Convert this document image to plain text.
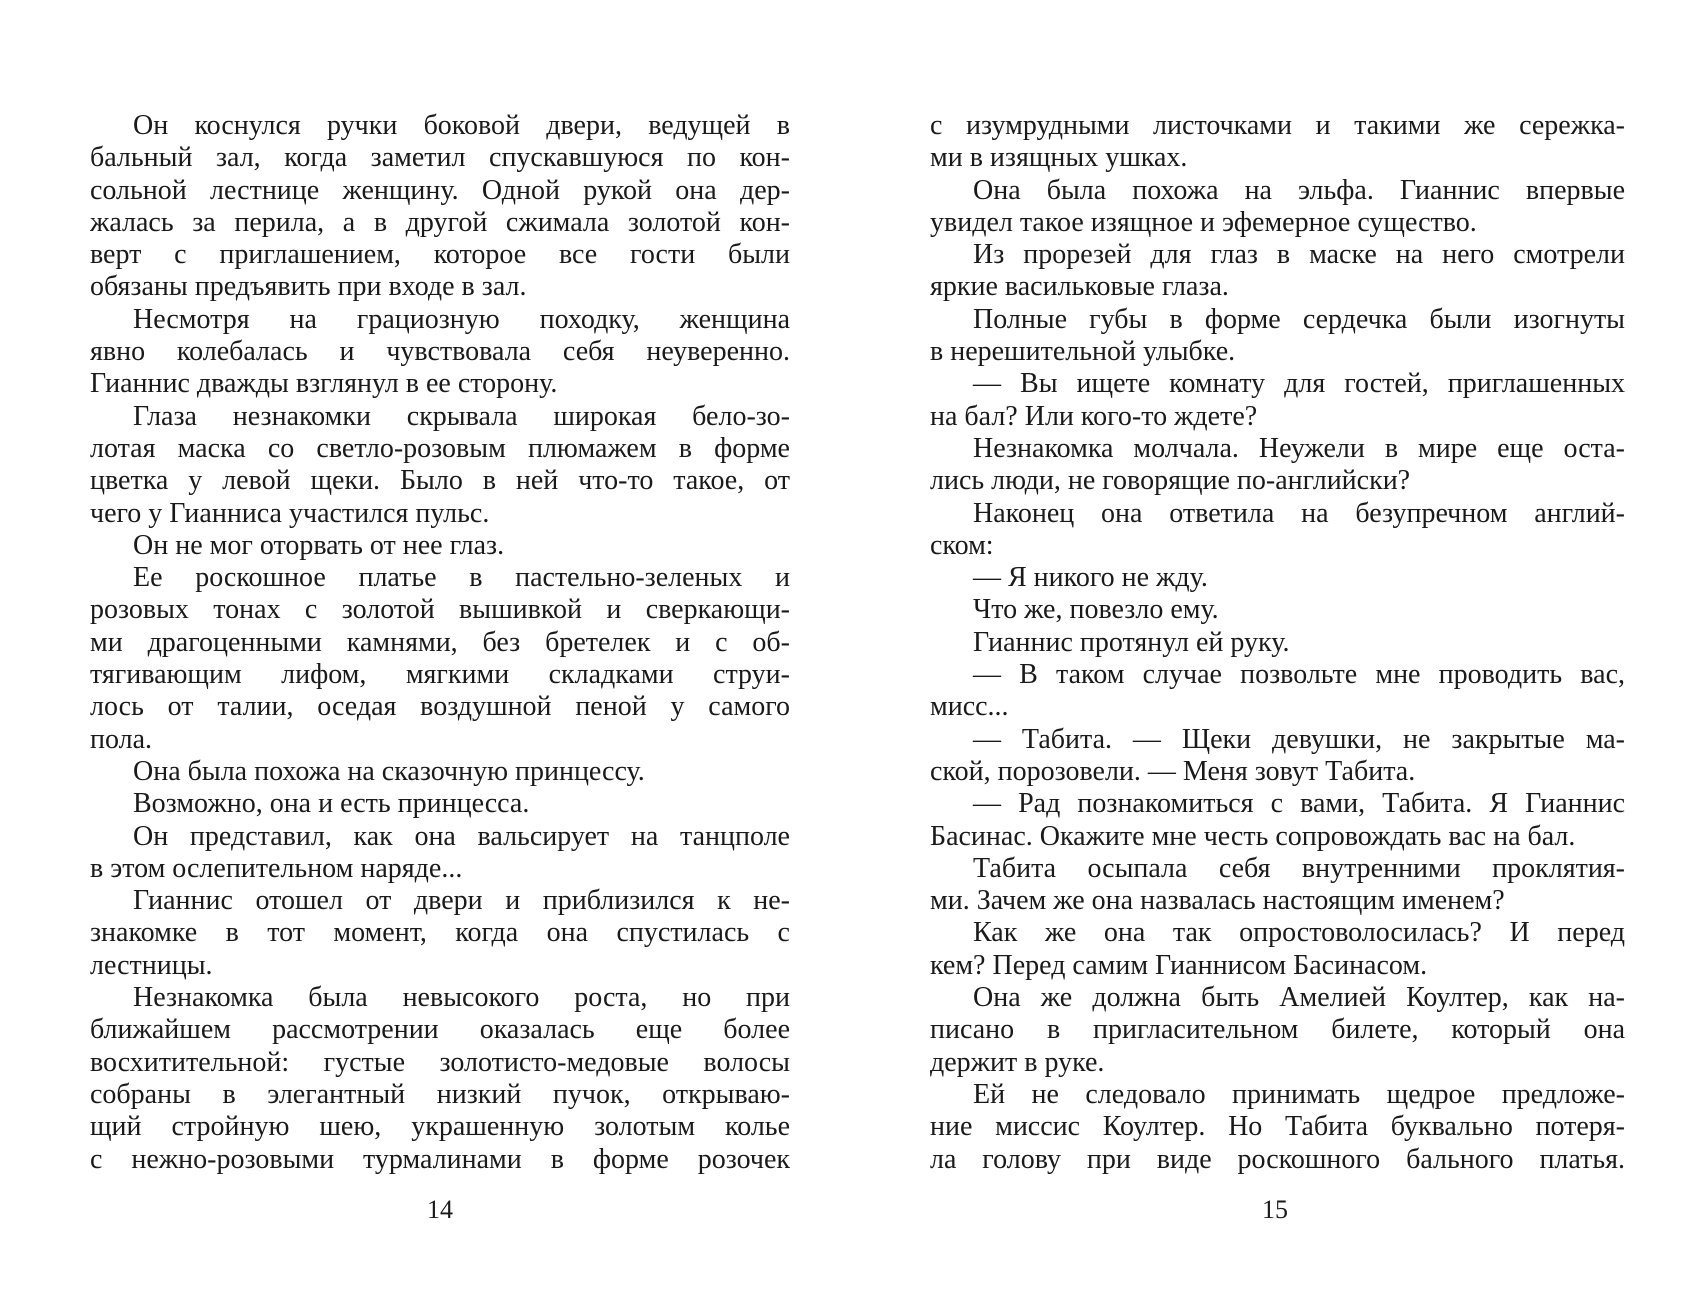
Он коснулся ручки боковой двери, ведущей в
бальный зал, когда заметил спускавшуюся по кон-
сольной лестнице женщину. Одной рукой она дер-
жалась за перила, а в другой сжимала золотой кон-
верт с приглашением, которое все гости были
обязаны предъявить при входе в зал.
Несмотря на грациозную походку, женщина
явно колебалась и чувствовала себя неуверенно.
Гианнис дважды взглянул в ее сторону.
Глаза незнакомки скрывала широкая бело-зо-
лотая маска со светло-розовым плюмажем в форме
цветка у левой щеки. Было в ней что-то такое, от
чего у Гианниса участился пульс.
Он не мог оторвать от нее глаз.
Ее роскошное платье в пастельно-зеленых и
розовых тонах с золотой вышивкой и сверкающи-
ми драгоценными камнями, без бретелек и с об-
тягивающим лифом, мягкими складками струи-
лось от талии, оседая воздушной пеной у самого
пола.
Она была похожа на сказочную принцессу.
Возможно, она и есть принцесса.
Он представил, как она вальсирует на танцполе
в этом ослепительном наряде...
Гианнис отошел от двери и приблизился к не-
знакомке в тот момент, когда она спустилась с
лестницы.
Незнакомка была невысокого роста, но при
ближайшем рассмотрении оказалась еще более
восхитительной: густые золотисто-медовые волосы
собраны в элегантный низкий пучок, открываю-
щий стройную шею, украшенную золотым колье
с нежно-розовыми турмалинами в форме розочек
с изумрудными листочками и такими же сережка-
ми в изящных ушках.
Она была похожа на эльфа. Гианнис впервые
увидел такое изящное и эфемерное существо.
Из прорезей для глаз в маске на него смотрели
яркие васильковые глаза.
Полные губы в форме сердечка были изогнуты
в нерешительной улыбке.
— Вы ищете комнату для гостей, приглашенных
на бал? Или кого-то ждете?
Незнакомка молчала. Неужели в мире еще оста-
лись люди, не говорящие по-английски?
Наконец она ответила на безупречном англий-
ском:
— Я никого не жду.
Что же, повезло ему.
Гианнис протянул ей руку.
— В таком случае позвольте мне проводить вас,
мисс...
— Табита. — Щеки девушки, не закрытые ма-
ской, порозовели. — Меня зовут Табита.
— Рад познакомиться с вами, Табита. Я Гианнис
Басинас. Окажите мне честь сопровождать вас на бал.
Табита осыпала себя внутренними проклятия-
ми. Зачем же она назвалась настоящим именем?
Как же она так опростоволосилась? И перед
кем? Перед самим Гианнисом Басинасом.
Она же должна быть Амелией Коултер, как на-
писано в пригласительном билете, который она
держит в руке.
Ей не следовало принимать щедрое предложе-
ние миссис Коултер. Но Табита буквально потеря-
ла голову при виде роскошного бального платья.
14	15
